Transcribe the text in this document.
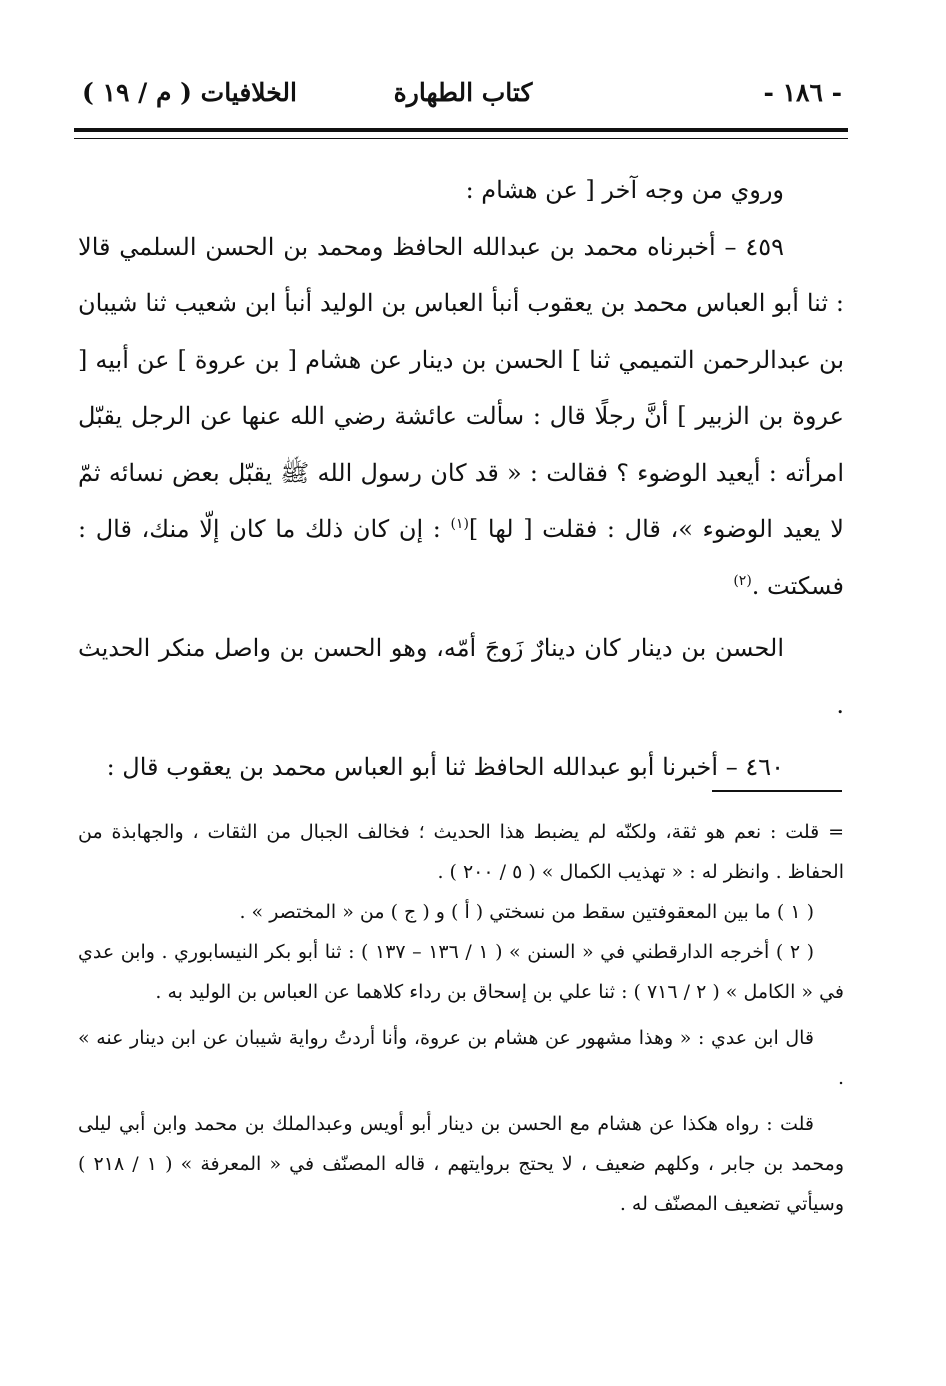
- ١٨٦ -
كتاب الطهارة
الخلافيات ( م / ١٩ )

وروي من وجه آخر [ عن هشام :

٤٥٩ – أخبرناه محمد بن عبدالله الحافظ ومحمد بن الحسن السلمي قالا : ثنا أبو العباس محمد بن يعقوب أنبأ العباس بن الوليد أنبأ ابن شعيب ثنا شيبان بن عبدالرحمن التميمي ثنا ] الحسن بن دينار عن هشام [ بن عروة ] عن أبيه [ عروة بن الزبير ] أنَّ رجلًا قال : سألت عائشة رضي الله عنها عن الرجل يقبّل امرأته : أيعيد الوضوء ؟ فقالت : « قد كان رسول الله ﷺ يقبّل بعض نسائه ثمّ لا يعيد الوضوء »، قال : فقلت [ لها ]$^{(١)}$ : إن كان ذلك ما كان إلّا منك، قال : فسكتت .$^{(٢)}$

الحسن بن دينار كان دينارٌ زَوجَ أمّه، وهو الحسن بن واصل منكر الحديث .

٤٦٠ – أخبرنا أبو عبدالله الحافظ ثنا أبو العباس محمد بن يعقوب قال :

= قلت : نعم هو ثقة، ولكنّه لم يضبط هذا الحديث ؛ فخالف الجبال من الثقات ، والجهابذة من الحفاظ . وانظر له : « تهذيب الكمال » ( ٥ / ٢٠٠ ) .

( ١ ) ما بين المعقوفتين سقط من نسختي ( أ ) و ( ج ) من « المختصر » .

( ٢ ) أخرجه الدارقطني في « السنن » ( ١ / ١٣٦ – ١٣٧ ) : ثنا أبو بكر النيسابوري . وابن عدي في « الكامل » ( ٢ / ٧١٦ ) : ثنا علي بن إسحاق بن رداء كلاهما عن العباس بن الوليد به .

قال ابن عدي : « وهذا مشهور عن هشام بن عروة، وأنا أردتُ رواية شيبان عن ابن دينار عنه » .

قلت : رواه هكذا عن هشام مع الحسن بن دينار أبو أويس وعبدالملك بن محمد وابن أبي ليلى ومحمد بن جابر ، وكلهم ضعيف ، لا يحتج بروايتهم ، قاله المصنّف في « المعرفة » ( ١ / ٢١٨ ) وسيأتي تضعيف المصنّف له .
